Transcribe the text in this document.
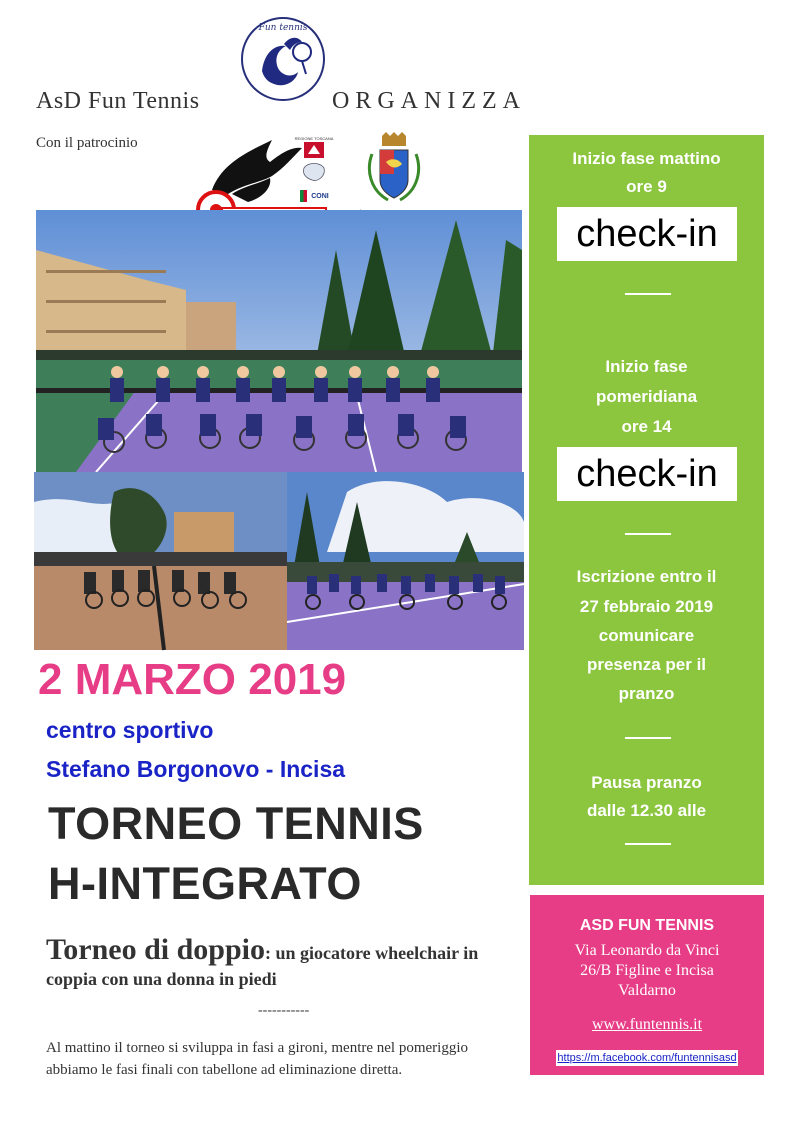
Fun tennis
AsD Fun Tennis	ORGANIZZA
Con il patrocinio	REGIONE TOSCANA
CONI
2 MARZO 2019
centro sportivo
Stefano Borgonovo - Incisa
TORNEO TENNIS
H-INTEGRATO
Torneo di doppio: un giocatore wheelchair in coppia con una donna in piedi
-----------
Al mattino il torneo si sviluppa in fasi a gironi, mentre nel pomeriggio abbiamo le fasi finali con tabellone ad eliminazione diretta.
Inizio fase mattino
ore 9
check-in
Inizio fase
pomeridiana
ore 14
check-in
Iscrizione entro il
27 febbraio 2019
comunicare
presenza per il
pranzo
Pausa pranzo
dalle 12.30 alle
ASD FUN TENNIS
Via Leonardo da Vinci
26/B Figline e Incisa
Valdarno
www.funtennis.it
https://m.facebook.com/funtennisasd
